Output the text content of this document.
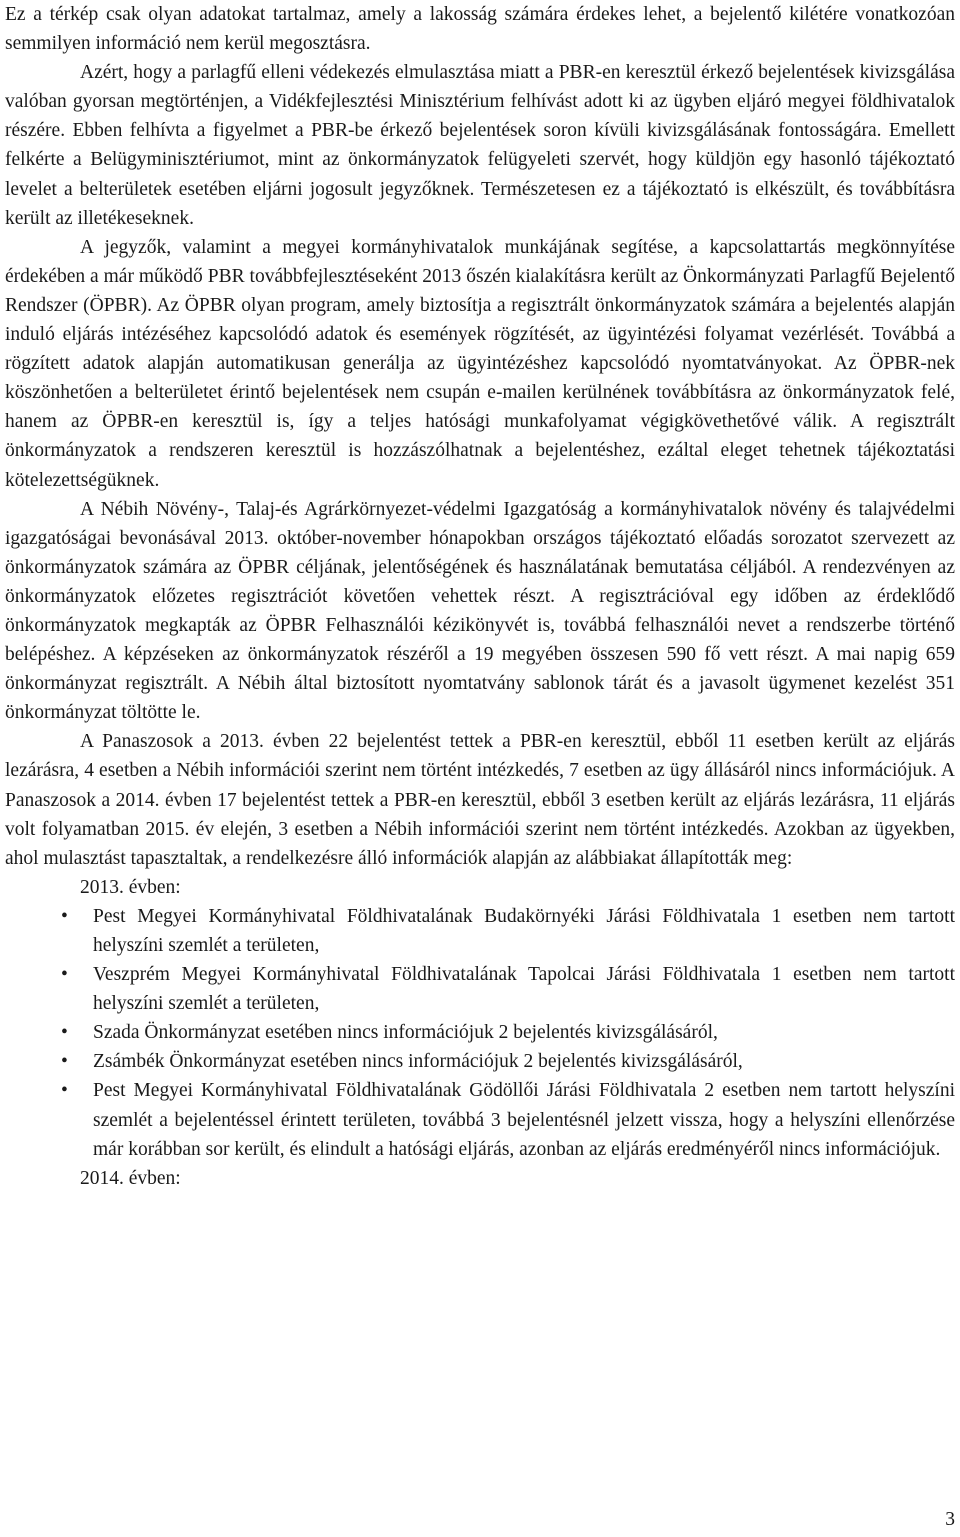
Ez a térkép csak olyan adatokat tartalmaz, amely a lakosság számára érdekes lehet, a bejelentő kilétére vonatkozóan semmilyen információ nem kerül megosztásra.

Azért, hogy a parlagfű elleni védekezés elmulasztása miatt a PBR-en keresztül érkező bejelentések kivizsgálása valóban gyorsan megtörténjen, a Vidékfejlesztési Minisztérium felhívást adott ki az ügyben eljáró megyei földhivatalok részére. Ebben felhívta a figyelmet a PBR-be érkező bejelentések soron kívüli kivizsgálásának fontosságára. Emellett felkérte a Belügyminisztériumot, mint az önkormányzatok felügyeleti szervét, hogy küldjön egy hasonló tájékoztató levelet a belterületek esetében eljárni jogosult jegyzőknek. Természetesen ez a tájékoztató is elkészült, és továbbításra került az illetékeseknek.

A jegyzők, valamint a megyei kormányhivatalok munkájának segítése, a kapcsolattartás megkönnyítése érdekében a már működő PBR továbbfejlesztéseként 2013 őszén kialakításra került az Önkormányzati Parlagfű Bejelentő Rendszer (ÖPBR). Az ÖPBR olyan program, amely biztosítja a regisztrált önkormányzatok számára a bejelentés alapján induló eljárás intézéséhez kapcsolódó adatok és események rögzítését, az ügyintézési folyamat vezérlését. Továbbá a rögzített adatok alapján automatikusan generálja az ügyintézéshez kapcsolódó nyomtatványokat. Az ÖPBR-nek köszönhetően a belterületet érintő bejelentések nem csupán e-mailen kerülnének továbbításra az önkormányzatok felé, hanem az ÖPBR-en keresztül is, így a teljes hatósági munkafolyamat végigkövethetővé válik. A regisztrált önkormányzatok a rendszeren keresztül is hozzászólhatnak a bejelentéshez, ezáltal eleget tehetnek tájékoztatási kötelezettségüknek.

A Nébih Növény-, Talaj-és Agrárkörnyezet-védelmi Igazgatóság a kormányhivatalok növény és talajvédelmi igazgatóságai bevonásával 2013. október-november hónapokban országos tájékoztató előadás sorozatot szervezett az önkormányzatok számára az ÖPBR céljának, jelentőségének és használatának bemutatása céljából. A rendezvényen az önkormányzatok előzetes regisztrációt követően vehettek részt. A regisztrációval egy időben az érdeklődő önkormányzatok megkapták az ÖPBR Felhasználói kézikönyvét is, továbbá felhasználói nevet a rendszerbe történő belépéshez. A képzéseken az önkormányzatok részéről a 19 megyében összesen 590 fő vett részt. A mai napig 659 önkormányzat regisztrált. A Nébih által biztosított nyomtatvány sablonok tárát és a javasolt ügymenet kezelést 351 önkormányzat töltötte le.

A Panaszosok a 2013. évben 22 bejelentést tettek a PBR-en keresztül, ebből 11 esetben került az eljárás lezárásra, 4 esetben a Nébih információi szerint nem történt intézkedés, 7 esetben az ügy állásáról nincs információjuk. A Panaszosok a 2014. évben 17 bejelentést tettek a PBR-en keresztül, ebből 3 esetben került az eljárás lezárásra, 11 eljárás volt folyamatban 2015. év elején, 3 esetben a Nébih információi szerint nem történt intézkedés. Azokban az ügyekben, ahol mulasztást tapasztaltak, a rendelkezésre álló információk alapján az alábbiakat állapították meg:

2013. évben:

• Pest Megyei Kormányhivatal Földhivatalának Budakörnyéki Járási Földhivatala 1 esetben nem tartott helyszíni szemlét a területen,
• Veszprém Megyei Kormányhivatal Földhivatalának Tapolcai Járási Földhivatala 1 esetben nem tartott helyszíni szemlét a területen,
• Szada Önkormányzat esetében nincs információjuk 2 bejelentés kivizsgálásáról,
• Zsámbék Önkormányzat esetében nincs információjuk 2 bejelentés kivizsgálásáról,
• Pest Megyei Kormányhivatal Földhivatalának Gödöllői Járási Földhivatala 2 esetben nem tartott helyszíni szemlét a bejelentéssel érintett területen, továbbá 3 bejelentésnél jelzett vissza, hogy a helyszíni ellenőrzése már korábban sor került, és elindult a hatósági eljárás, azonban az eljárás eredményéről nincs információjuk.

2014. évben:

3
